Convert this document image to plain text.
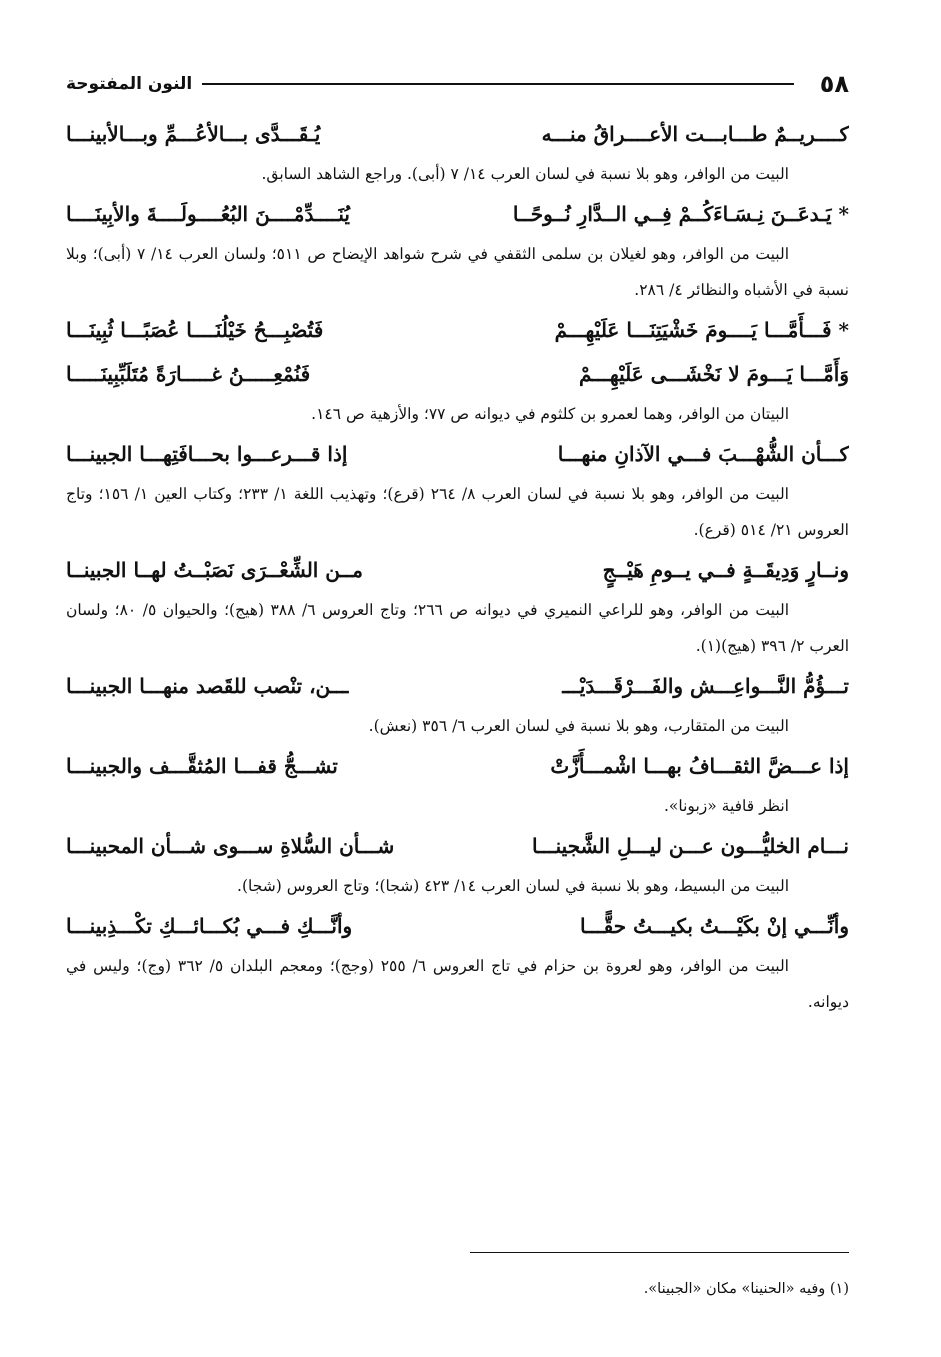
٥٨
النون المفتوحة
كــــريــمٌ طـــابـــت الأعــــراقُ منـــه
يُـقَـــدَّى بـــالأعُـــمِّ وبـــالأبينـــا

البيت من الوافر، وهو بلا نسبة في لسان العرب ١٤/ ٧ (أبى). وراجع الشاهد السابق.

* يَـدعَــنَ نِـسَـاءَكُــمْ فِــي الــدَّارِ نُــوحًــا
يُنَــــدِّمْــــنَ البُعُــــولَــــةَ والأبِينَــــا

البيت من الوافر، وهو لغيلان بن سلمى الثقفي في شرح شواهد الإيضاح ص ٥١١؛ ولسان العرب ١٤/ ٧ (أبى)؛ وبلا نسبة في الأشباه والنظائر ٤/ ٢٨٦.

* فَـــأَمَّـــا يَــــومَ خَشْيَتِنَـــا عَلَيْهِـــمْ
فَتُصْبِـــحُ خَيْلُنَــــا عُصَبًـــا ثُبِينَـــا
وَأَمَّـــا يَـــومَ لا نَخْشَـــى عَلَيْهِـــمْ
فَنُمْعِـــــنُ غـــــارَةً مُتَلَبِّبِينَـــــا

البيتان من الوافر، وهما لعمرو بن كلثوم في ديوانه ص ٧٧؛ والأزهية ص ١٤٦.

كـــأن الشُّهْـــبَ فـــي الآذانِ منهـــا
إذا قـــرعـــوا بحـــافَتِهـــا الجبينـــا

البيت من الوافر، وهو بلا نسبة في لسان العرب ٨/ ٢٦٤ (قرع)؛ وتهذيب اللغة ١/ ٢٣٣؛ وكتاب العين ١/ ١٥٦؛ وتاج العروس ٢١/ ٥١٤ (قرع).

ونــارٍ وَدِيقَــةٍ فــي يــومِ هَيْــجٍ
مــن الشِّعْــرَى نَصَبْــتُ لهــا الجبينــا

البيت من الوافر، وهو للراعي النميري في ديوانه ص ٢٦٦؛ وتاج العروس ٦/ ٣٨٨ (هيج)؛ والحيوان ٥/ ٨٠؛ ولسان العرب ٢/ ٣٩٦ (هيج)(١).

تـــؤُمُّ النَّـــواعِـــش والفَـــرْقَـــدَيْـــ
ـــن، تنْصب للقَصد منهـــا الجبينـــا

البيت من المتقارب، وهو بلا نسبة في لسان العرب ٦/ ٣٥٦ (نعش).

إذا عـــضَّ الثقـــافُ بهـــا اشْمـــأَزَّتْ
تشـــجُّ قفـــا المُثقَّـــف والجبينـــا

انظر قافية «زبونا».

نـــام الخليُّـــون عـــن ليـــلِ الشَّجينـــا
شـــأن السُّلاةِ ســـوى شـــأن المحبينـــا

البيت من البسيط، وهو بلا نسبة في لسان العرب ١٤/ ٤٢٣ (شجا)؛ وتاج العروس (شجا).

وأنِّـــي إنْ بكَيْـــتُ بكيـــتُ حقًّـــا
وأنَّـــكِ فـــي بُكـــائـــكِ تكْـــذِبينـــا

البيت من الوافر، وهو لعروة بن حزام في تاج العروس ٦/ ٢٥٥ (وجج)؛ ومعجم البلدان ٥/ ٣٦٢ (وج)؛ وليس في ديوانه.

(١) وفيه «الحنينا» مكان «الجبينا».
